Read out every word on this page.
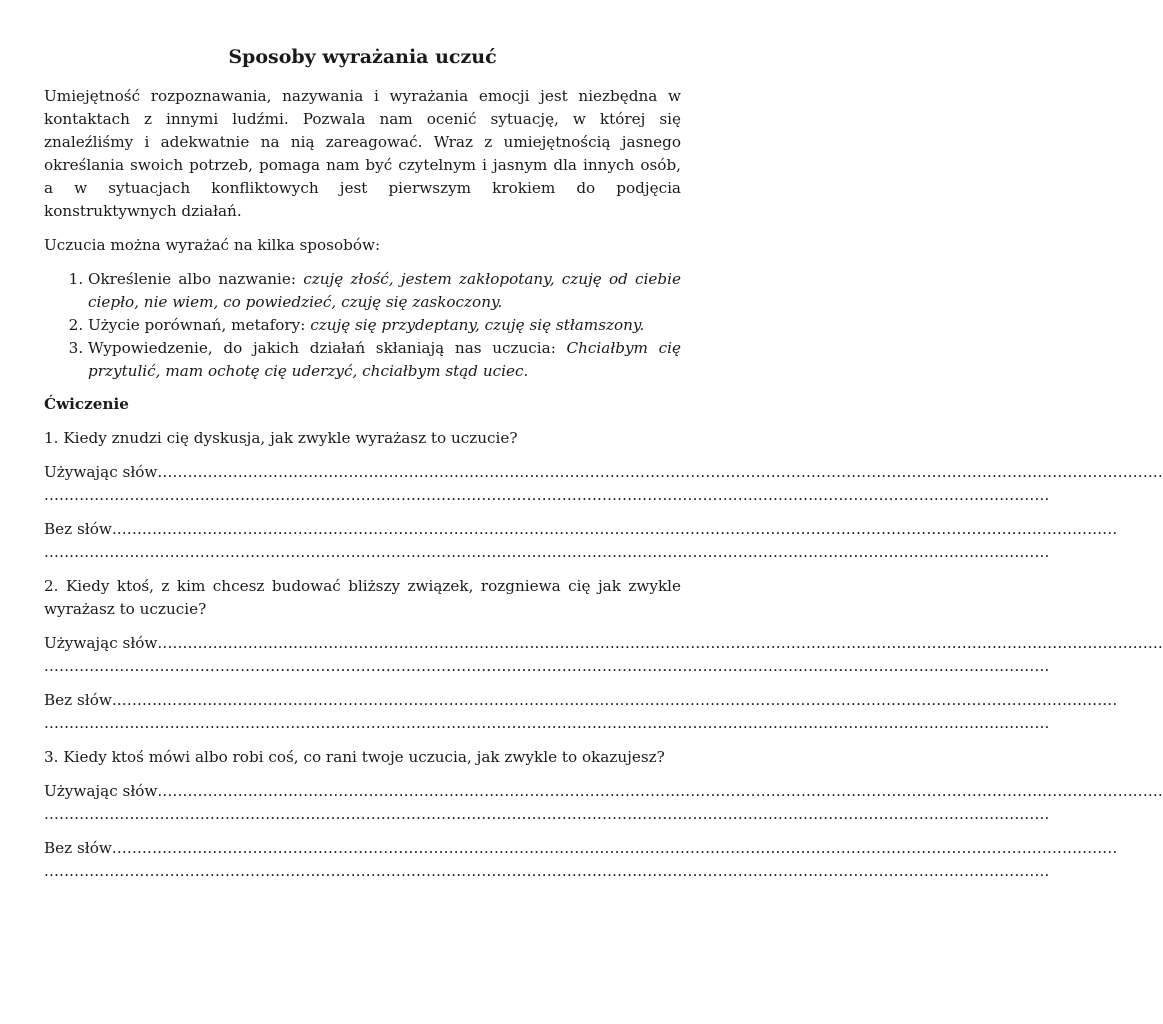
Sposoby wyrażania uczuć

Umiejętność rozpoznawania, nazywania i wyrażania emocji jest niezbędna w kontaktach z innymi ludźmi. Pozwala nam ocenić sytuację, w której się znaleźliśmy i adekwatnie na nią zareagować. Wraz z umiejętnością jasnego określania swoich potrzeb, pomaga nam być czytelnym i jasnym dla innych osób, a w sytuacjach konfliktowych jest pierwszym krokiem do podjęcia konstruktywnych działań.

Uczucia można wyrażać na kilka sposobów:

1. Określenie albo nazwanie: czuję złość, jestem zakłopotany, czuję od ciebie ciepło, nie wiem, co powiedzieć, czuję się zaskoczony.
2. Użycie porównań, metafory: czuję się przydeptany, czuję się stłamszony.
3. Wypowiedzenie, do jakich działań skłaniają nas uczucia: Chciałbym cię przytulić, mam ochotę cię uderzyć, chciałbym stąd uciec.

Ćwiczenie

1. Kiedy znudzi cię dyskusja, jak zwykle wyrażasz to uczucie?

Używając słów ........................................................................................................................................................................................................
........................................................................................................................................................................................................
Bez słów ........................................................................................................................................................................................................
........................................................................................................................................................................................................

2. Kiedy ktoś, z kim chcesz budować bliższy związek, rozgniewa cię jak zwykle wyrażasz to uczucie?

Używając słów ........................................................................................................................................................................................................
........................................................................................................................................................................................................
Bez słów ........................................................................................................................................................................................................
........................................................................................................................................................................................................

3. Kiedy ktoś mówi albo robi coś, co rani twoje uczucia, jak zwykle to okazujesz?

Używając słów ........................................................................................................................................................................................................
........................................................................................................................................................................................................
Bez słów ........................................................................................................................................................................................................
........................................................................................................................................................................................................
